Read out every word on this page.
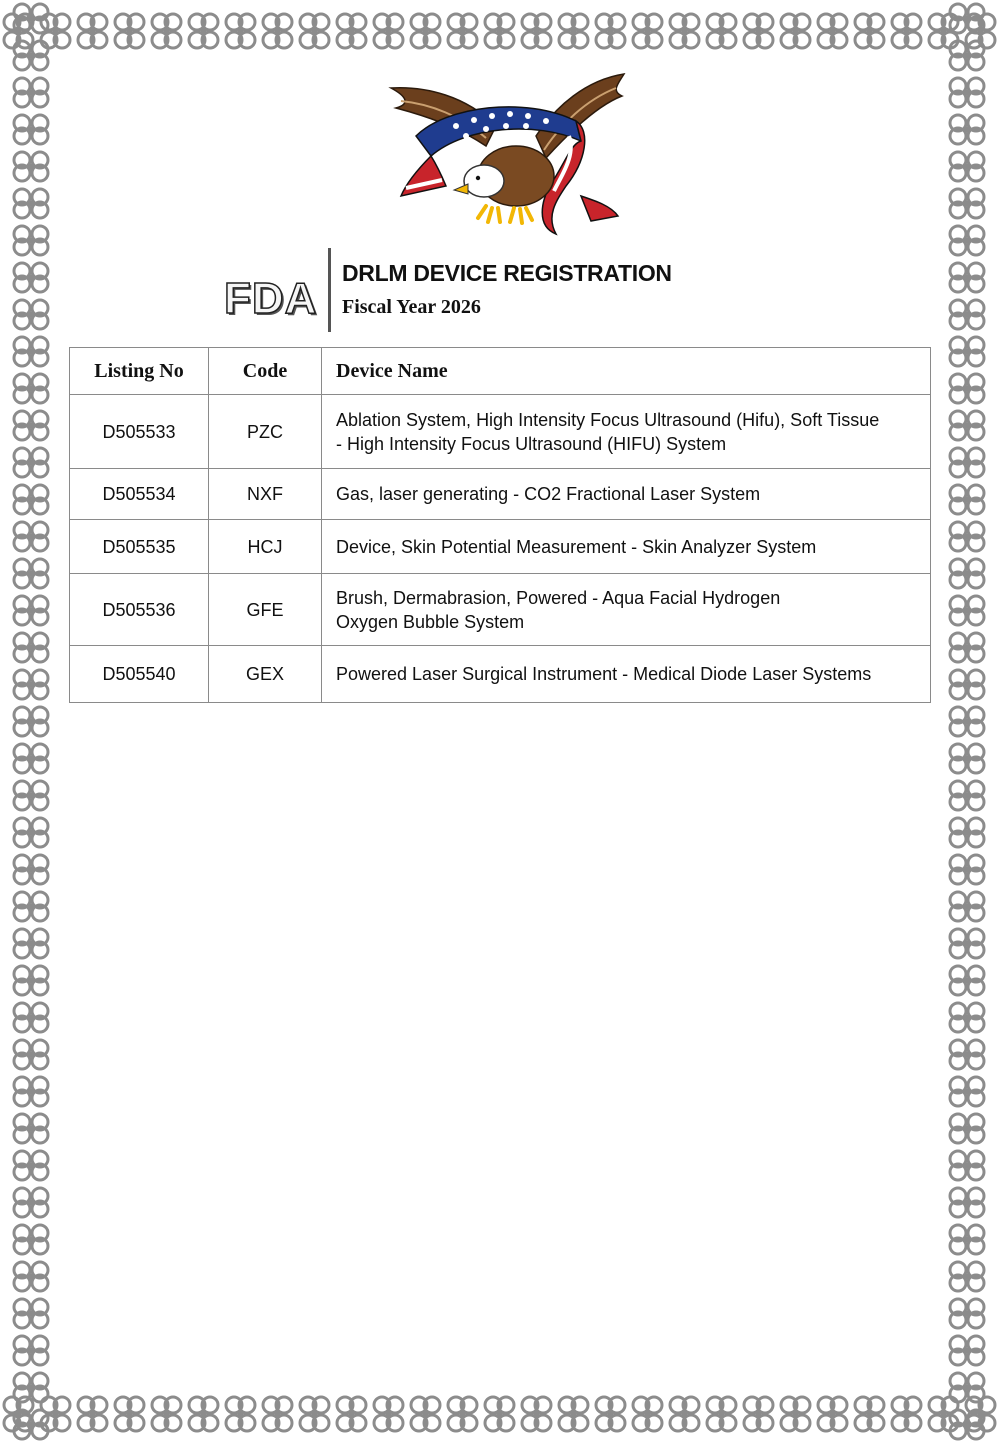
FDA
DRLM DEVICE REGISTRATION
Fiscal Year 2026
Listing No	Code	Device Name
D505533	PZC	Ablation System, High Intensity Focus Ultrasound (Hifu), Soft Tissue
- High Intensity Focus Ultrasound (HIFU) System

D505534	NXF	Gas, laser generating - CO2 Fractional Laser System

D505535	HCJ	Device, Skin Potential Measurement - Skin Analyzer System

D505536	GFE	Brush, Dermabrasion, Powered - Aqua Facial Hydrogen
Oxygen Bubble System

D505540	GEX	Powered Laser Surgical Instrument - Medical Diode Laser Systems
